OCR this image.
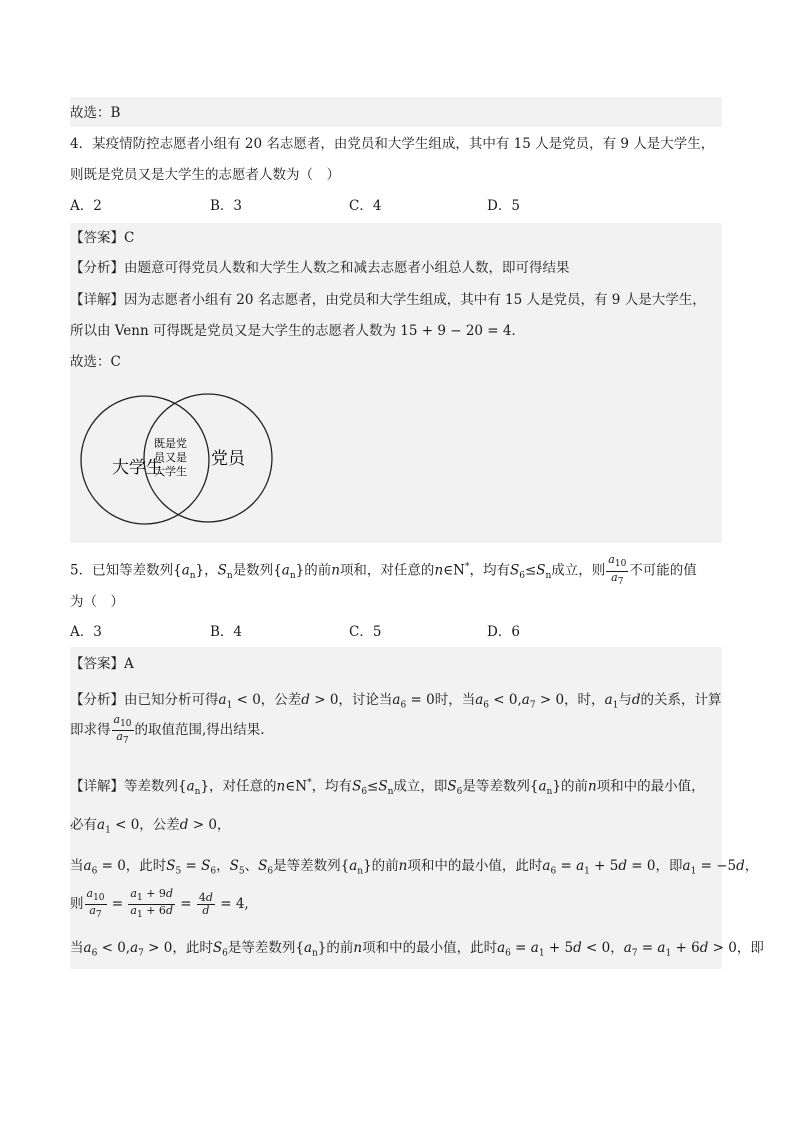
故选：B
4．某疫情防控志愿者小组有 20 名志愿者，由党员和大学生组成，其中有 15 人是党员，有 9 人是大学生，
则既是党员又是大学生的志愿者人数为（　）
A．2	B．3	C．4	D．5
【答案】C
【分析】由题意可得党员人数和大学生人数之和减去志愿者小组总人数，即可得结果
【详解】因为志愿者小组有 20 名志愿者，由党员和大学生组成，其中有 15 人是党员，有 9 人是大学生，
所以由 Venn 可得既是党员又是大学生的志愿者人数为 15 + 9 − 20 = 4．
故选：C
大学生	党员
既是党
员又是
大学生
5．已知等差数列$\{a_n\}$，$S_n$是数列$\{a_n\}$的前n项和，对任意的n∈N*，均有$S_6\le S_n$成立，则 $\frac{a_{10}}{a_7}$ 不可能的值
为（　）
A．3	B．4	C．5	D．6
【答案】A
【分析】由已知分析可得$a_1 < 0$，公差d > 0，讨论当$a_6 = 0$时，当$a_6 < 0,a_7 > 0$，时，$a_1$与d的关系，计算
即求得 $\frac{a_{10}}{a_7}$ 的取值范围,得出结果.
【详解】等差数列$\{a_n\}$，对任意的n∈N*，均有$S_6\le S_n$成立，即$S_6$是等差数列$\{a_n\}$的前n项和中的最小值，
必有$a_1 < 0$，公差d > 0，
当$a_6 = 0$，此时$S_5 = S_6$，$S_5$、$S_6$是等差数列$\{a_n\}$的前n项和中的最小值，此时$a_6 = a_1 + 5d = 0$，即$a_1 = -5d$，
则 $\frac{a_{10}}{a_7} = \frac{a_1 + 9d}{a_1 + 6d} = \frac{4d}{d} = 4$,
当$a_6 < 0,a_7 > 0$，此时$S_6$是等差数列$\{a_n\}$的前n项和中的最小值，此时$a_6 = a_1 + 5d < 0$，$a_7 = a_1 + 6d > 0$，即
